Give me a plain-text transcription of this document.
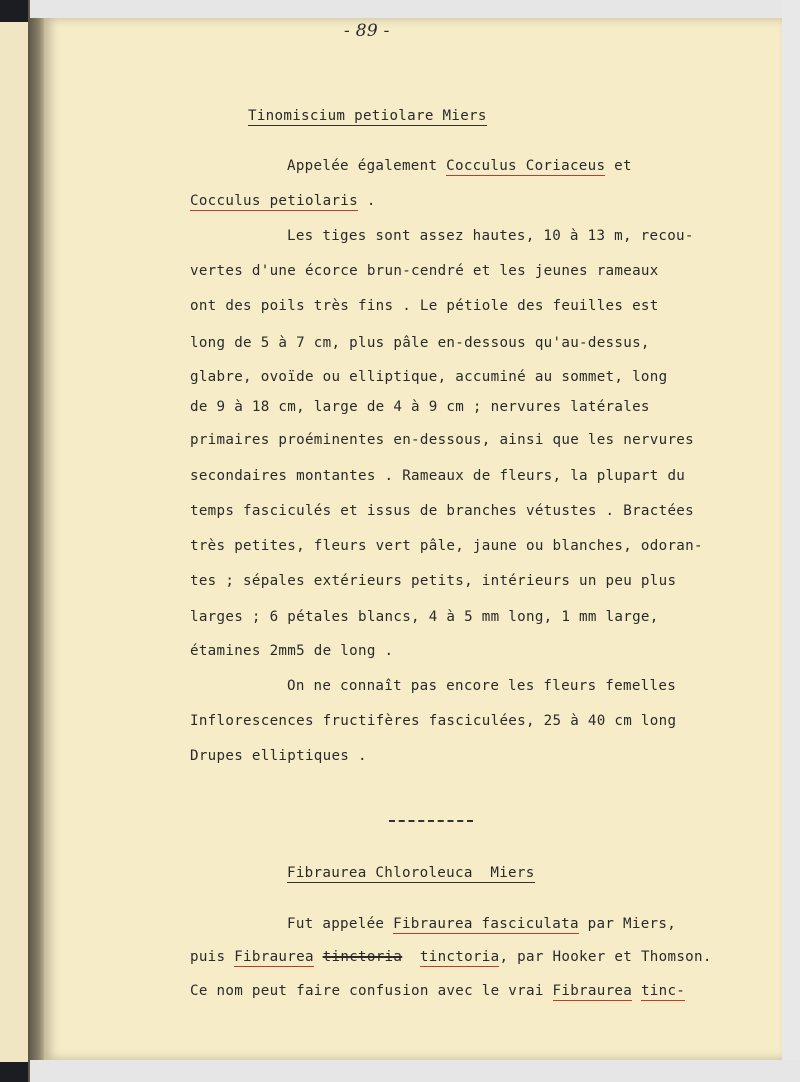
- 89 -
Tinomiscium petiolare Miers
Appelée également Cocculus Coriaceus et
Cocculus petiolaris .
Les tiges sont assez hautes, 10 à 13 m, recou-
vertes d'une écorce brun-cendré et les jeunes rameaux
ont des poils très fins . Le pétiole des feuilles est
long de 5 à 7 cm, plus pâle en-dessous qu'au-dessus,
glabre, ovoïde ou elliptique, accuminé au sommet, long
de 9 à 18 cm, large de 4 à 9 cm ; nervures latérales
primaires proéminentes en-dessous, ainsi que les nervures
secondaires montantes . Rameaux de fleurs, la plupart du
temps fasciculés et issus de branches vétustes . Bractées
très petites, fleurs vert pâle, jaune ou blanches, odoran-
tes ; sépales extérieurs petits, intérieurs un peu plus
larges ; 6 pétales blancs, 4 à 5 mm long, 1 mm large,
étamines 2mm5 de long .
On ne connaît pas encore les fleurs femelles
Inflorescences fructifères fasciculées, 25 à 40 cm long
Drupes elliptiques .
Fibraurea Chloroleuca  Miers
Fut appelée Fibraurea fasciculata par Miers,
puis Fibraurea tinctoria tinctoria, par Hooker et Thomson.
Ce nom peut faire confusion avec le vrai Fibraurea tinc-
